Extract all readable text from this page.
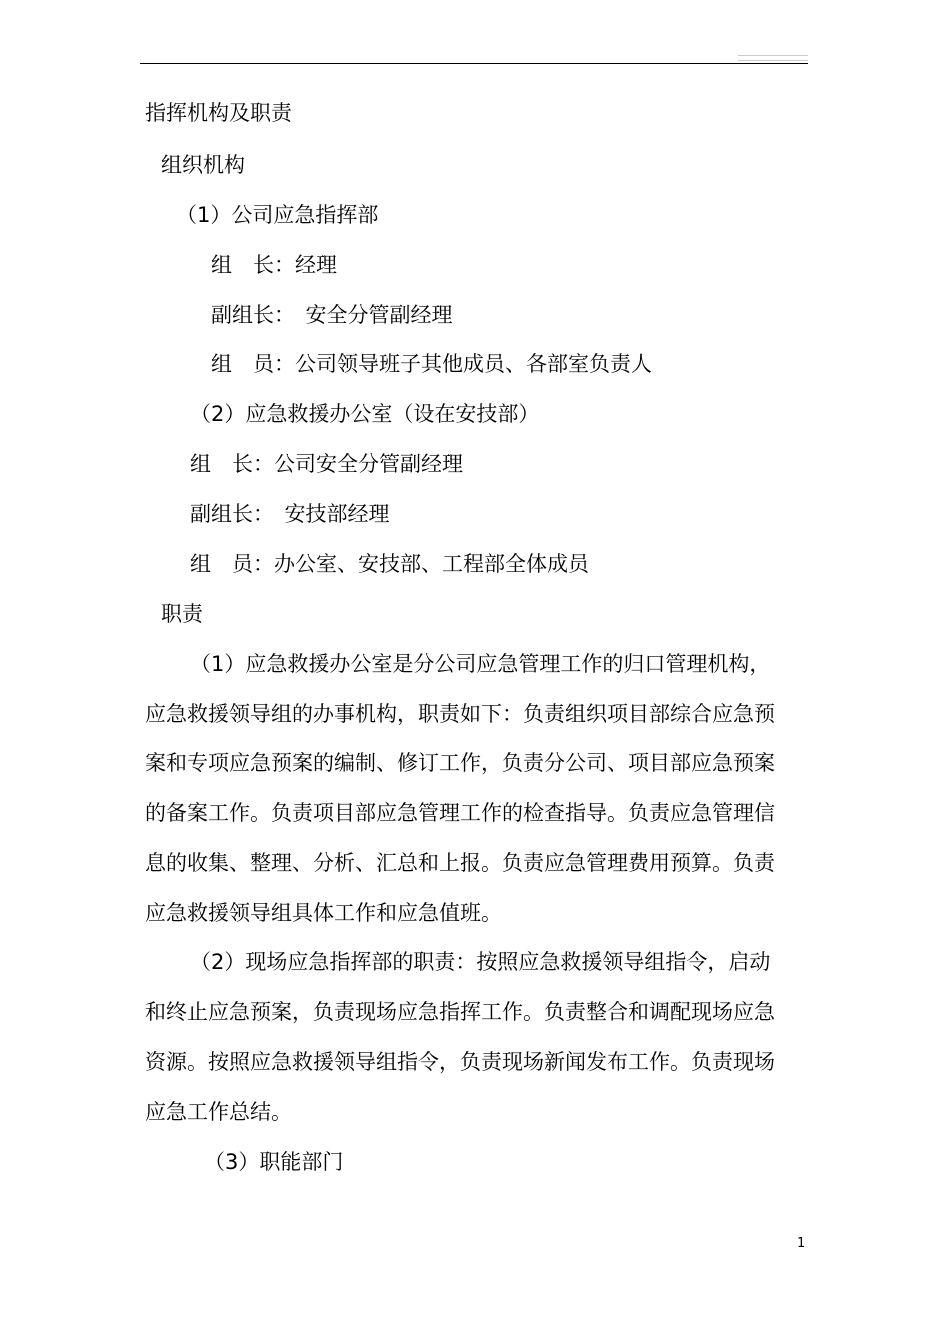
指挥机构及职责
组织机构
（1）公司应急指挥部
组　长：经理
副组长：　安全分管副经理
组　员：公司领导班子其他成员、各部室负责人
（2）应急救援办公室（设在安技部）
组　长：公司安全分管副经理
副组长：　安技部经理
组　员：办公室、安技部、工程部全体成员
职责
（1）应急救援办公室是分公司应急管理工作的归口管理机构，
应急救援领导组的办事机构，职责如下：负责组织项目部综合应急预
案和专项应急预案的编制、修订工作，负责分公司、项目部应急预案
的备案工作。负责项目部应急管理工作的检查指导。负责应急管理信
息的收集、整理、分析、汇总和上报。负责应急管理费用预算。负责
应急救援领导组具体工作和应急值班。
（2）现场应急指挥部的职责：按照应急救援领导组指令，启动
和终止应急预案，负责现场应急指挥工作。负责整合和调配现场应急
资源。按照应急救援领导组指令，负责现场新闻发布工作。负责现场
应急工作总结。
（3）职能部门
1
